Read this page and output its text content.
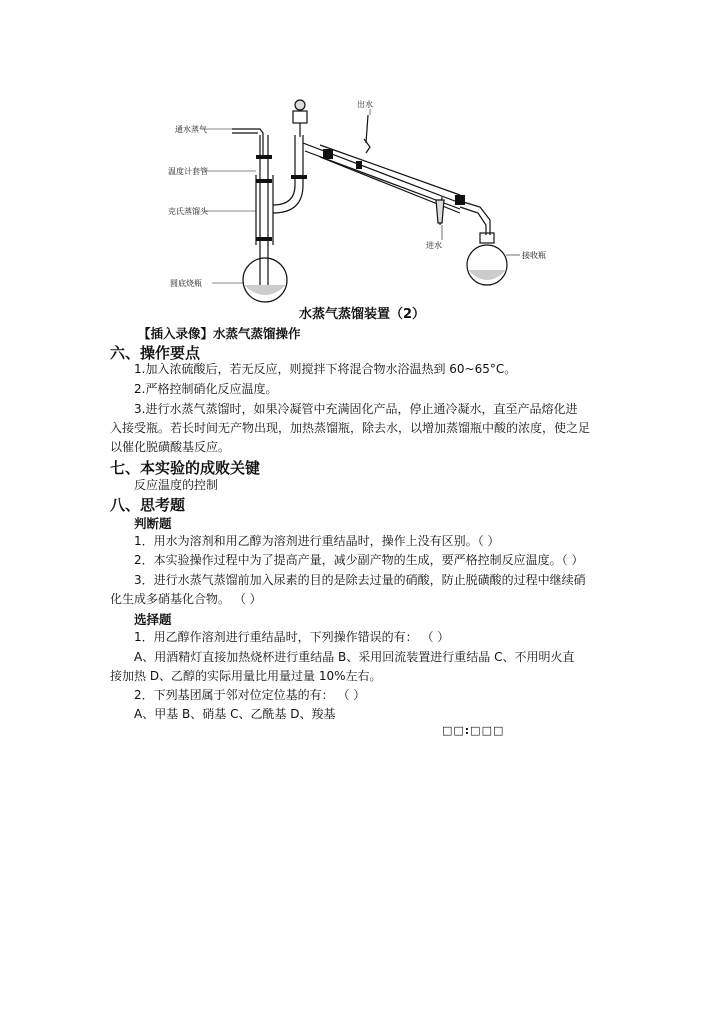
通水蒸气
温度计套管
克氏蒸馏头
圆底烧瓶
出水
进水
接收瓶
水蒸气蒸馏装置（2）
【插入录像】水蒸气蒸馏操作
六、操作要点
1.加入浓硫酸后，若无反应，则搅拌下将混合物水浴温热到 60~65°C。
2.严格控制硝化反应温度。
3.进行水蒸气蒸馏时，如果冷凝管中充满固化产品，停止通冷凝水，直至产品熔化进
入接受瓶。若长时间无产物出现，加热蒸馏瓶，除去水，以增加蒸馏瓶中酸的浓度，使之足
以催化脱磺酸基反应。
七、本实验的成败关键
反应温度的控制
八、思考题
判断题
1．用水为溶剂和用乙醇为溶剂进行重结晶时，操作上没有区别。（ ）
2．本实验操作过程中为了提高产量，减少副产物的生成，要严格控制反应温度。（ ）
3．进行水蒸气蒸馏前加入尿素的目的是除去过量的硝酸，防止脱磺酸的过程中继续硝
化生成多硝基化合物。 （ ）
选择题
1．用乙醇作溶剂进行重结晶时，下列操作错误的有： （ ）
A、用酒精灯直接加热烧杯进行重结晶 B、采用回流装置进行重结晶 C、不用明火直
接加热 D、乙醇的实际用量比用量过量 10%左右。
2．下列基团属于邻对位定位基的有： （ ）
A、甲基 B、硝基 C、乙酰基 D、羧基
□□:□□□
